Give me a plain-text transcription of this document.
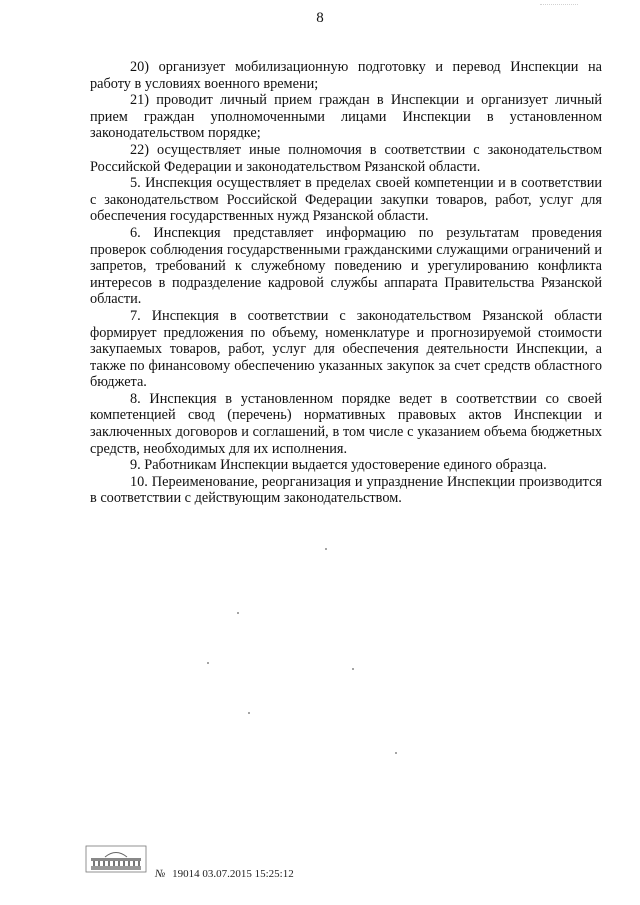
8

20) организует мобилизационную подготовку и перевод Инспекции на работу в условиях военного времени;

21) проводит личный прием граждан в Инспекции и организует личный прием граждан уполномоченными лицами Инспекции в установленном законодательством порядке;

22) осуществляет иные полномочия в соответствии с законодательством Российской Федерации и законодательством Рязанской области.

5. Инспекция осуществляет в пределах своей компетенции и в соответствии с законодательством Российской Федерации закупки товаров, работ, услуг для обеспечения государственных нужд Рязанской области.

6. Инспекция представляет информацию по результатам проведения проверок соблюдения государственными гражданскими служащими ограничений и запретов, требований к служебному поведению и урегулированию конфликта интересов в подразделение кадровой службы аппарата Правительства Рязанской области.

7. Инспекция в соответствии с законодательством Рязанской области формирует предложения по объему, номенклатуре и прогнозируемой стоимости закупаемых товаров, работ, услуг для обеспечения деятельности Инспекции, а также по финансовому обеспечению указанных закупок за счет средств областного бюджета.

8. Инспекция в установленном порядке ведет в соответствии со своей компетенцией свод (перечень) нормативных правовых актов Инспекции и заключенных договоров и соглашений, в том числе с указанием объема бюджетных средств, необходимых для их исполнения.

9. Работникам Инспекции выдается удостоверение единого образца.

10. Переименование, реорганизация и упразднение Инспекции производится в соответствии с действующим законодательством.

№ 19014 03.07.2015 15:25:12
